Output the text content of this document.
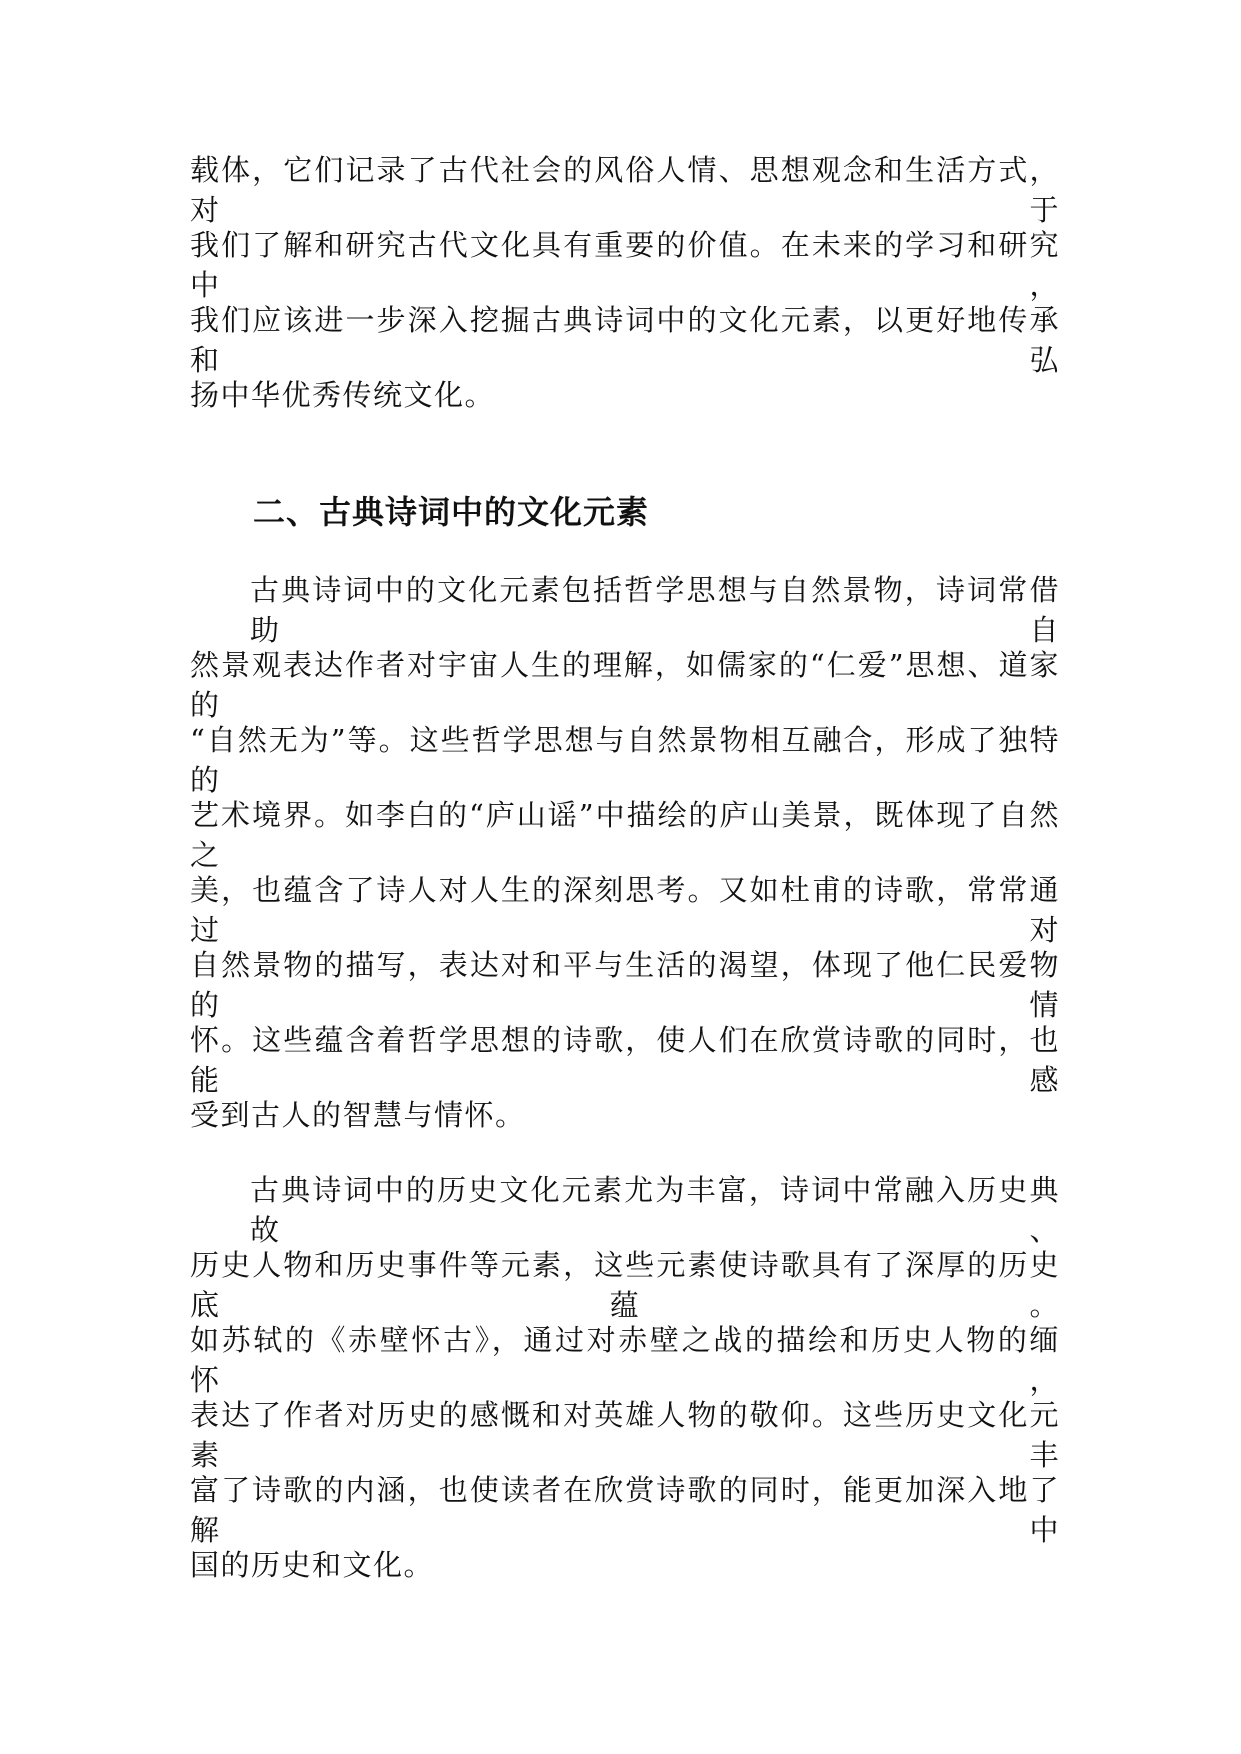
载体，它们记录了古代社会的风俗人情、思想观念和生活方式，对于
我们了解和研究古代文化具有重要的价值。在未来的学习和研究中，
我们应该进一步深入挖掘古典诗词中的文化元素，以更好地传承和弘
扬中华优秀传统文化。
二、古典诗词中的文化元素
古典诗词中的文化元素包括哲学思想与自然景物，诗词常借助自
然景观表达作者对宇宙人生的理解，如儒家的“仁爱”思想、道家的
“自然无为”等。这些哲学思想与自然景物相互融合，形成了独特的
艺术境界。如李白的“庐山谣”中描绘的庐山美景，既体现了自然之
美，也蕴含了诗人对人生的深刻思考。又如杜甫的诗歌，常常通过对
自然景物的描写，表达对和平与生活的渴望，体现了他仁民爱物的情
怀。这些蕴含着哲学思想的诗歌，使人们在欣赏诗歌的同时，也能感
受到古人的智慧与情怀。
古典诗词中的历史文化元素尤为丰富，诗词中常融入历史典故、
历史人物和历史事件等元素，这些元素使诗歌具有了深厚的历史底蕴。
如苏轼的《赤壁怀古》，通过对赤壁之战的描绘和历史人物的缅怀，
表达了作者对历史的感慨和对英雄人物的敬仰。这些历史文化元素丰
富了诗歌的内涵，也使读者在欣赏诗歌的同时，能更加深入地了解中
国的历史和文化。
